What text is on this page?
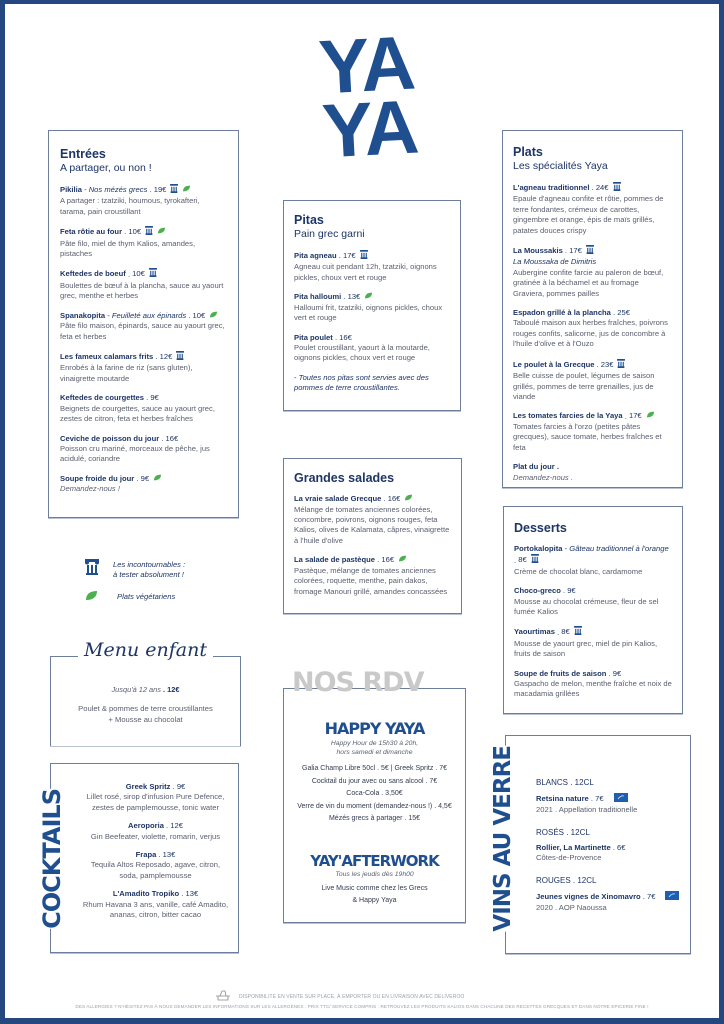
YA
YA
Entrées
A partager, ou non !
Pikilia - Nos mézés grecs . 19€
A partager : tzatziki, houmous, tyrokafteri, tarama, pain croustillant
Feta rôtie au four . 10€
Pâte filo, miel de thym Kalios, amandes, pistaches
Keftedes de boeuf . 10€
Boulettes de bœuf à la plancha, sauce au yaourt grec, menthe et herbes
Spanakopita - Feuilleté aux épinards . 10€
Pâte filo maison, épinards, sauce au yaourt grec, feta et herbes
Les fameux calamars frits . 12€
Enrobés à la farine de riz (sans gluten), vinaigrette moutarde
Keftedes de courgettes . 9€
Beignets de courgettes, sauce au yaourt grec, zestes de citron, feta et herbes fraîches
Ceviche de poisson du jour . 16€
Poisson cru mariné, morceaux de pêche, jus acidulé, coriandre
Soupe froide du jour . 9€
Demandez-nous !
Pitas
Pain grec garni
Pita agneau . 17€
Agneau cuit pendant 12h, tzatziki, oignons pickles, choux vert et rouge
Pita halloumi . 13€
Halloumi frit, tzatziki, oignons pickles, choux vert et rouge
Pita poulet . 16€
Poulet croustillant, yaourt à la moutarde, oignons pickles, choux vert et rouge
- Toutes nos pitas sont servies avec des pommes de terre croustillantes.
Plats
Les spécialités Yaya
L'agneau traditionnel . 24€
Epaule d'agneau confite et rôtie, pommes de terre fondantes, crémeux de carottes, gingembre et orange, épis de maïs grillés, patates douces crispy
La Moussakis . 17€
La Moussaka de Dimitris
Aubergine confite farcie au paleron de bœuf, gratinée à la béchamel et au fromage Graviera, pommes pailles
Espadon grillé à la plancha . 25€
Taboulé maison aux herbes fraîches, poivrons rouges confits, salicorne, jus de concombre à l'huile d'olive et à l'Ouzo
Le poulet à la Grecque . 23€
Belle cuisse de poulet, légumes de saison grillés, pommes de terre grenailles, jus de viande
Les tomates farcies de la Yaya . 17€
Tomates farcies à l'orzo (petites pâtes grecques), sauce tomate, herbes fraîches et feta
Plat du jour .
Demandez-nous .
Grandes salades
La vraie salade Grecque . 16€
Mélange de tomates anciennes colorées, concombre, poivrons, oignons rouges, feta Kalios, olives de Kalamata, câpres, vinaigrette à l'huile d'olive
La salade de pastèque . 16€
Pastèque, mélange de tomates anciennes colorées, roquette, menthe, pain dakos, fromage Manouri grillé, amandes concassées
Desserts
Portokalopita - Gâteau traditionnel à l'orange. 8€
Crème de chocolat blanc, cardamome
Choco-greco . 9€
Mousse au chocolat crémeuse, fleur de sel fumée Kalios
Yaourtimas . 8€
Mousse de yaourt grec, miel de pin Kalios, fruits de saison
Soupe de fruits de saison . 9€
Gaspacho de melon, menthe fraîche et noix de macadamia grillées
Les incontournables :
à tester absolument !
Plats végétariens
Menu enfant
Jusqu'à 12 ans . 12€
Poulet & pommes de terre croustillantes
+ Mousse au chocolat
NOS RDV
HAPPY YAYA
Happy Hour de 15h30 à 20h,
hors samedi et dimanche
Galia Champ Libre 50cl . 5€ | Greek Spritz . 7€
Cocktail du jour avec ou sans alcool . 7€
Coca-Cola . 3,50€
Verre de vin du moment (demandez-nous !) . 4,5€
Mézés grecs à partager . 15€
YAY'AFTERWORK
Tous les jeudis dès 19h00
Live Music comme chez les Grecs
& Happy Yaya
Greek Spritz . 9€
Lillet rosé, sirop d'infusion Pure Defence, zestes de pamplemousse, tonic water
Aeroporia . 12€
Gin Beefeater, violette, romarin, verjus
Frapa . 13€
Tequila Altos Reposado, agave, citron, soda, pamplemousse
L'Amadito Tropiko . 13€
Rhum Havana 3 ans, vanille, café Amadito, ananas, citron, bitter cacao
COCKTAILS
BLANCS . 12CL
Retsina nature . 7€
2021 . Appellation traditionelle
ROSÉS . 12CL
Rollier, La Martinette . 6€
Côtes-de-Provence
ROUGES . 12CL
Jeunes vignes de Xinomavro . 7€
2020 . AOP Naoussa
VINS AU VERRE
DISPONIBILITE EN VENTE SUR PLACE, À EMPORTER OU EN LIVRAISON AVEC DELIVEROO
DES ALLERGIES ? N'HÉSITEZ PAS À NOUS DEMANDER LES INFORMATIONS SUR LES ALLERGÈNES . PRIX TTC/ SERVICE COMPRIS . RETROUVEZ LES PRODUITS KALIOS DANS CHACUNE DES RECETTES GRECQUES ET DANS NOTRE EPICERIE FINE !
